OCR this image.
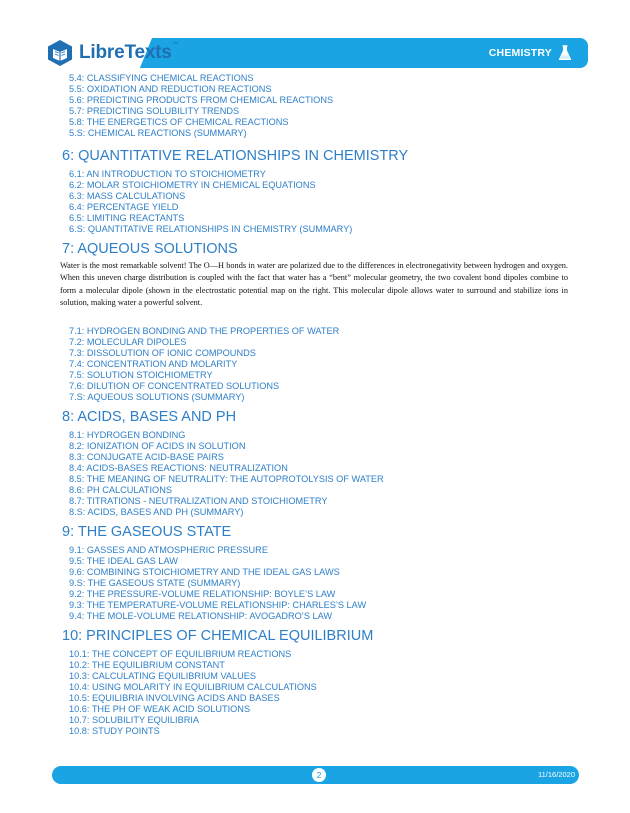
LibreTexts™
CHEMISTRY
5.4: CLASSIFYING CHEMICAL REACTIONS
5.5: OXIDATION AND REDUCTION REACTIONS
5.6: PREDICTING PRODUCTS FROM CHEMICAL REACTIONS
5.7: PREDICTING SOLUBILITY TRENDS
5.8: THE ENERGETICS OF CHEMICAL REACTIONS
5.S: CHEMICAL REACTIONS (SUMMARY)
6: QUANTITATIVE RELATIONSHIPS IN CHEMISTRY
6.1: AN INTRODUCTION TO STOICHIOMETRY
6.2: MOLAR STOICHIOMETRY IN CHEMICAL EQUATIONS
6.3: MASS CALCULATIONS
6.4: PERCENTAGE YIELD
6.5: LIMITING REACTANTS
6.S: QUANTITATIVE RELATIONSHIPS IN CHEMISTRY (SUMMARY)
7: AQUEOUS SOLUTIONS

Water is the most remarkable solvent! The O—H bonds in water are polarized due to the differences in electronegativity between hydrogen and oxygen. When this uneven charge distribution is coupled with the fact that water has a “bent” molecular geometry, the two covalent bond dipoles combine to form a molecular dipole (shown in the electrostatic potential map on the right. This molecular dipole allows water to surround and stabilize ions in solution, making water a powerful solvent.

7.1: HYDROGEN BONDING AND THE PROPERTIES OF WATER
7.2: MOLECULAR DIPOLES
7.3: DISSOLUTION OF IONIC COMPOUNDS
7.4: CONCENTRATION AND MOLARITY
7.5: SOLUTION STOICHIOMETRY
7.6: DILUTION OF CONCENTRATED SOLUTIONS
7.S: AQUEOUS SOLUTIONS (SUMMARY)
8: ACIDS, BASES AND PH
8.1: HYDROGEN BONDING
8.2: IONIZATION OF ACIDS IN SOLUTION
8.3: CONJUGATE ACID-BASE PAIRS
8.4: ACIDS-BASES REACTIONS: NEUTRALIZATION
8.5: THE MEANING OF NEUTRALITY: THE AUTOPROTOLYSIS OF WATER
8.6: PH CALCULATIONS
8.7: TITRATIONS - NEUTRALIZATION AND STOICHIOMETRY
8.S: ACIDS, BASES AND PH (SUMMARY)
9: THE GASEOUS STATE
9.1: GASSES AND ATMOSPHERIC PRESSURE
9.5: THE IDEAL GAS LAW
9.6: COMBINING STOICHIOMETRY AND THE IDEAL GAS LAWS
9.S: THE GASEOUS STATE (SUMMARY)
9.2: THE PRESSURE-VOLUME RELATIONSHIP: BOYLE’S LAW
9.3: THE TEMPERATURE-VOLUME RELATIONSHIP: CHARLES’S LAW
9.4: THE MOLE-VOLUME RELATIONSHIP: AVOGADRO’S LAW
10: PRINCIPLES OF CHEMICAL EQUILIBRIUM
10.1: THE CONCEPT OF EQUILIBRIUM REACTIONS
10.2: THE EQUILIBRIUM CONSTANT
10.3: CALCULATING EQUILIBRIUM VALUES
10.4: USING MOLARITY IN EQUILIBRIUM CALCULATIONS
10.5: EQUILIBRIA INVOLVING ACIDS AND BASES
10.6: THE PH OF WEAK ACID SOLUTIONS
10.7: SOLUBILITY EQUILIBRIA
10.8: STUDY POINTS
2	11/16/2020
